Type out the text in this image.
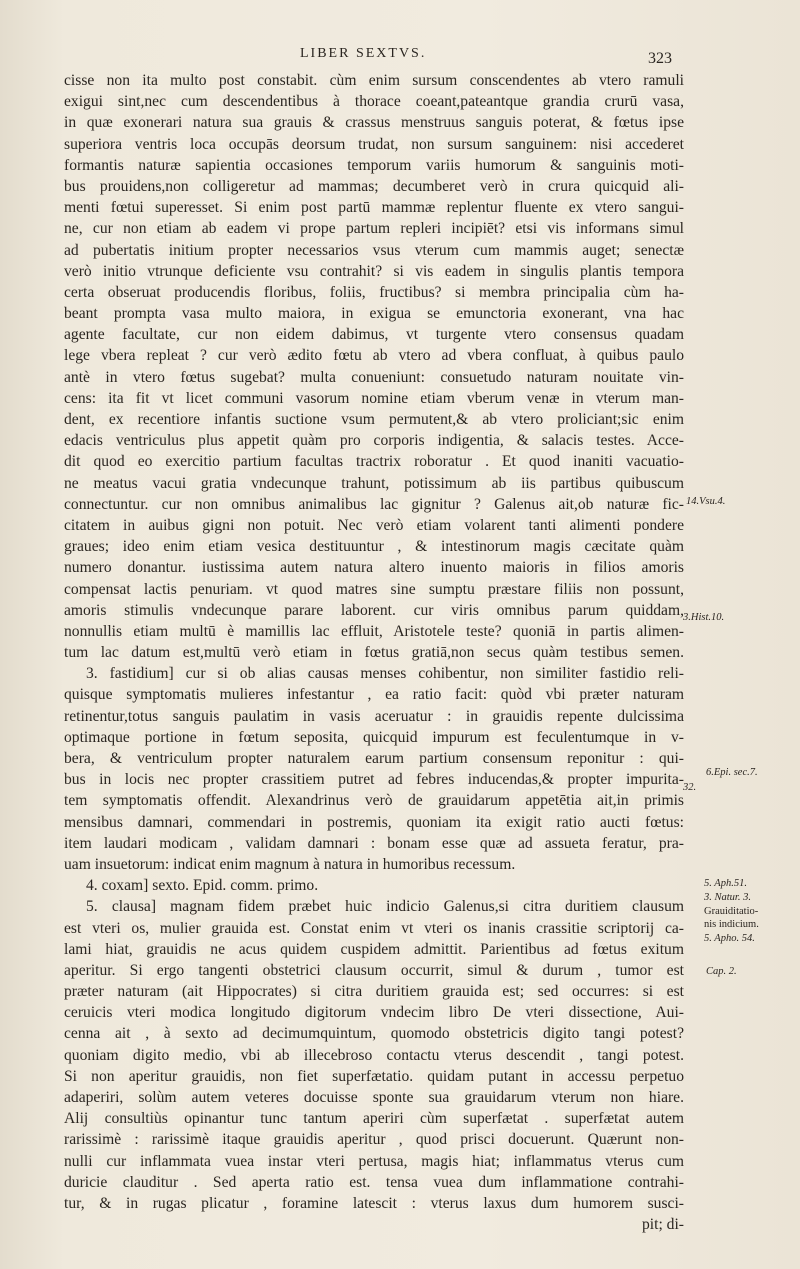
LIBER SEXTVS.	323
cisse non ita multo post constabit. cùm enim sursum conscendentes ab vtero ramuli
exigui sint,nec cum descendentibus à thorace coeant,pateantque grandia crurū vasa,
in quæ exonerari natura sua grauis & crassus menstruus sanguis poterat, & fœtus ipse
superiora ventris loca occupās deorsum trudat, non sursum sanguinem: nisi accederet
formantis naturæ sapientia occasiones temporum variis humorum & sanguinis moti-
bus prouidens,non colligeretur ad mammas; decumberet verò in crura quicquid ali-
menti fœtui superesset. Si enim post partū mammæ replentur fluente ex vtero sangui-
ne, cur non etiam ab eadem vi prope partum repleri incipiēt? etsi vis informans simul
ad pubertatis initium propter necessarios vsus vterum cum mammis auget; senectæ
verò initio vtrunque deficiente vsu contrahit? si vis eadem in singulis plantis tempora
certa obseruat producendis floribus, foliis, fructibus? si membra principalia cùm ha-
beant prompta vasa multo maiora, in exigua se emunctoria exonerant, vna hac
agente facultate, cur non eidem dabimus, vt turgente vtero consensus quadam
lege vbera repleat ? cur verò ædito fœtu ab vtero ad vbera confluat, à quibus paulo
antè in vtero fœtus sugebat? multa conueniunt: consuetudo naturam nouitate vin-
cens: ita fit vt licet communi vasorum nomine etiam vberum venæ in vterum man-
dent, ex recentiore infantis suctione vsum permutent,& ab vtero proliciant;sic enim
edacis ventriculus plus appetit quàm pro corporis indigentia, & salacis testes. Acce-
dit quod eo exercitio partium facultas tractrix roboratur . Et quod inaniti vacuatio-
ne meatus vacui gratia vndecunque trahunt, potissimum ab iis partibus quibuscum
connectuntur. cur non omnibus animalibus lac gignitur ? Galenus ait,ob naturæ fic-
citatem in auibus gigni non potuit. Nec verò etiam volarent tanti alimenti pondere
graues; ideo enim etiam vesica destituuntur , & intestinorum magis cæcitate quàm
numero donantur. iustissima autem natura altero inuento maioris in filios amoris
compensat lactis penuriam. vt quod matres sine sumptu præstare filiis non possunt,
amoris stimulis vndecunque parare laborent. cur viris omnibus parum quiddam,
nonnullis etiam multū è mamillis lac effluit, Aristotele teste? quoniā in partis alimen-
tum lac datum est,multū verò etiam in fœtus gratiā,non secus quàm testibus semen.
3. fastidium] cur si ob alias causas menses cohibentur, non similiter fastidio reli-
quisque symptomatis mulieres infestantur , ea ratio facit: quòd vbi præter naturam
retinentur,totus sanguis paulatim in vasis aceruatur : in grauidis repente dulcissima
optimaque portione in fœtum seposita, quicquid impurum est feculentumque in v-
bera, & ventriculum propter naturalem earum partium consensum reponitur : qui-
bus in locis nec propter crassitiem putret ad febres inducendas,& propter impurita-
tem symptomatis offendit. Alexandrinus verò de grauidarum appetētia ait,in primis
mensibus damnari, commendari in postremis, quoniam ita exigit ratio aucti fœtus:
item laudari modicam , validam damnari : bonam esse quæ ad assueta feratur, pra-
uam insuetorum: indicat enim magnum à natura in humoribus recessum.
4. coxam] sexto. Epid. comm. primo.
5. clausa] magnam fidem præbet huic indicio Galenus,si citra duritiem clausum
est vteri os, mulier grauida est. Constat enim vt vteri os inanis crassitie scriptorij ca-
lami hiat, grauidis ne acus quidem cuspidem admittit. Parientibus ad fœtus exitum
aperitur. Si ergo tangenti obstetrici clausum occurrit, simul & durum , tumor est
præter naturam (ait Hippocrates) si citra duritiem grauida est; sed occurres: si est
ceruicis vteri modica longitudo digitorum vndecim libro De vteri dissectione, Aui-
cenna ait , à sexto ad decimumquintum, quomodo obstetricis digito tangi potest?
quoniam digito medio, vbi ab illecebroso contactu vterus descendit , tangi potest.
Si non aperitur grauidis, non fiet superfætatio. quidam putant in accessu perpetuo
adaperiri, solùm autem veteres docuisse sponte sua grauidarum vterum non hiare.
Alij consultiùs opinantur tunc tantum aperiri cùm superfætat . superfætat autem
rarissimè : rarissimè itaque grauidis aperitur , quod prisci docuerunt. Quærunt non-
nulli cur inflammata vuea instar vteri pertusa, magis hiat; inflammatus vterus cum
duricie clauditur . Sed aperta ratio est. tensa vuea dum inflammatione contrahi-
tur, & in rugas plicatur , foramine latescit : vterus laxus dum humorem susci-
pit; di-
14.Vsu.4.
3.Hist.10.
6.Epi. sec.7.
32.
5. Aph.51.
3. Natur. 3.
Grauiditatio-
nis indicium.
5. Apho. 54.
Cap. 2.
